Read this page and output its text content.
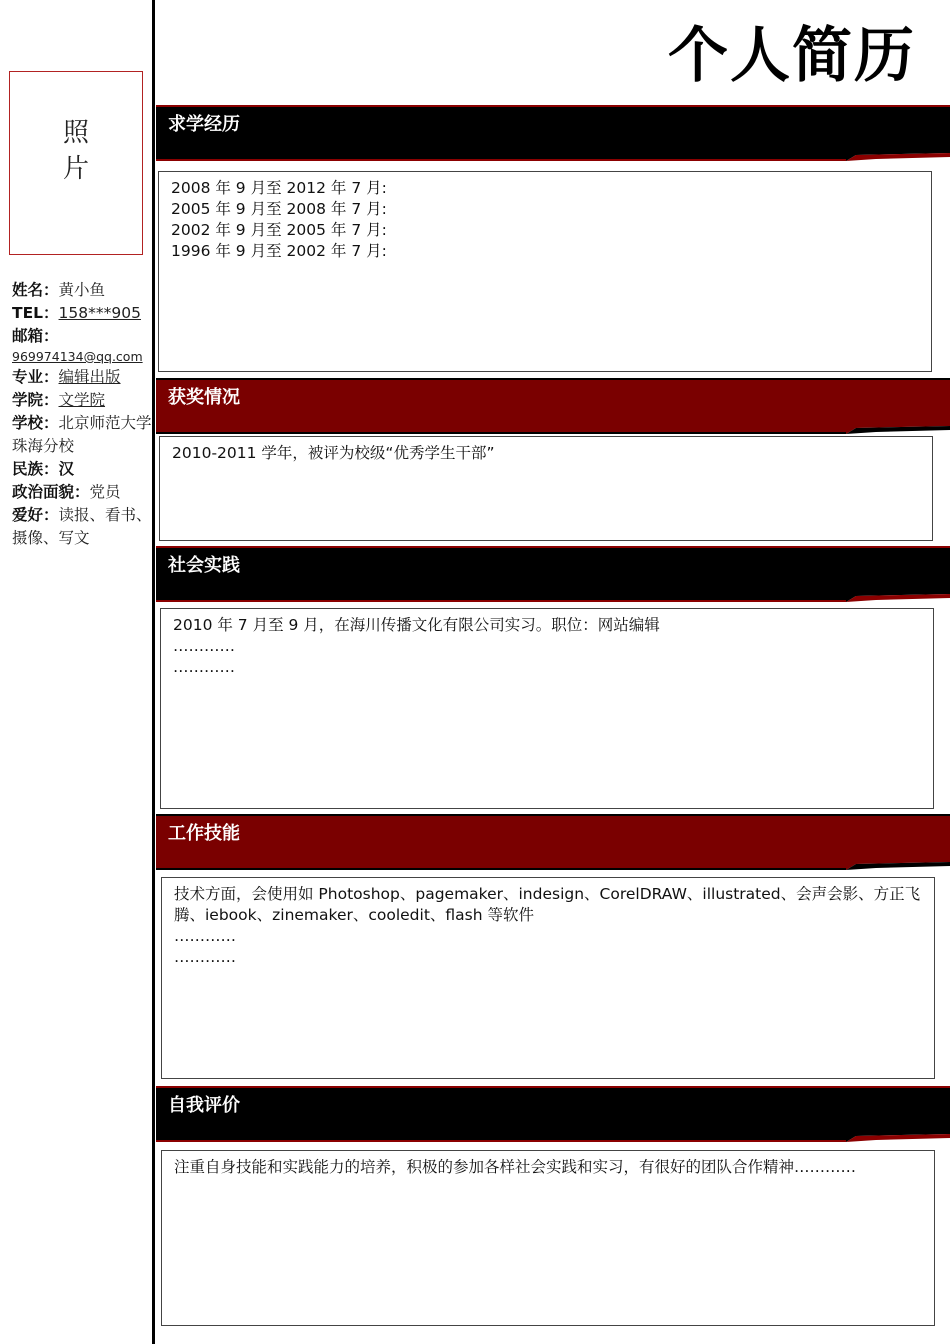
个人简历
照
片
姓名：黄小鱼
TEL：158***905
邮箱：
969974134@qq.com
专业：编辑出版
学院：文学院
学校：北京师范大学珠海分校
民族：汉
政治面貌：党员
爱好：读报、看书、摄像、写文
求学经历
2008 年 9 月至 2012 年 7 月:
2005 年 9 月至 2008 年 7 月:
2002 年 9 月至 2005 年 7 月:
1996 年 9 月至 2002 年 7 月:
获奖情况
2010-2011 学年，被评为校级“优秀学生干部”
社会实践
2010 年 7 月至 9 月，在海川传播文化有限公司实习。职位：网站编辑
…………
…………
工作技能
技术方面，会使用如 Photoshop、pagemaker、indesign、CorelDRAW、illustrated、会声会影、方正飞腾、iebook、zinemaker、cooledit、flash 等软件
…………
…………
自我评价
注重自身技能和实践能力的培养，积极的参加各样社会实践和实习，有很好的团队合作精神…………
